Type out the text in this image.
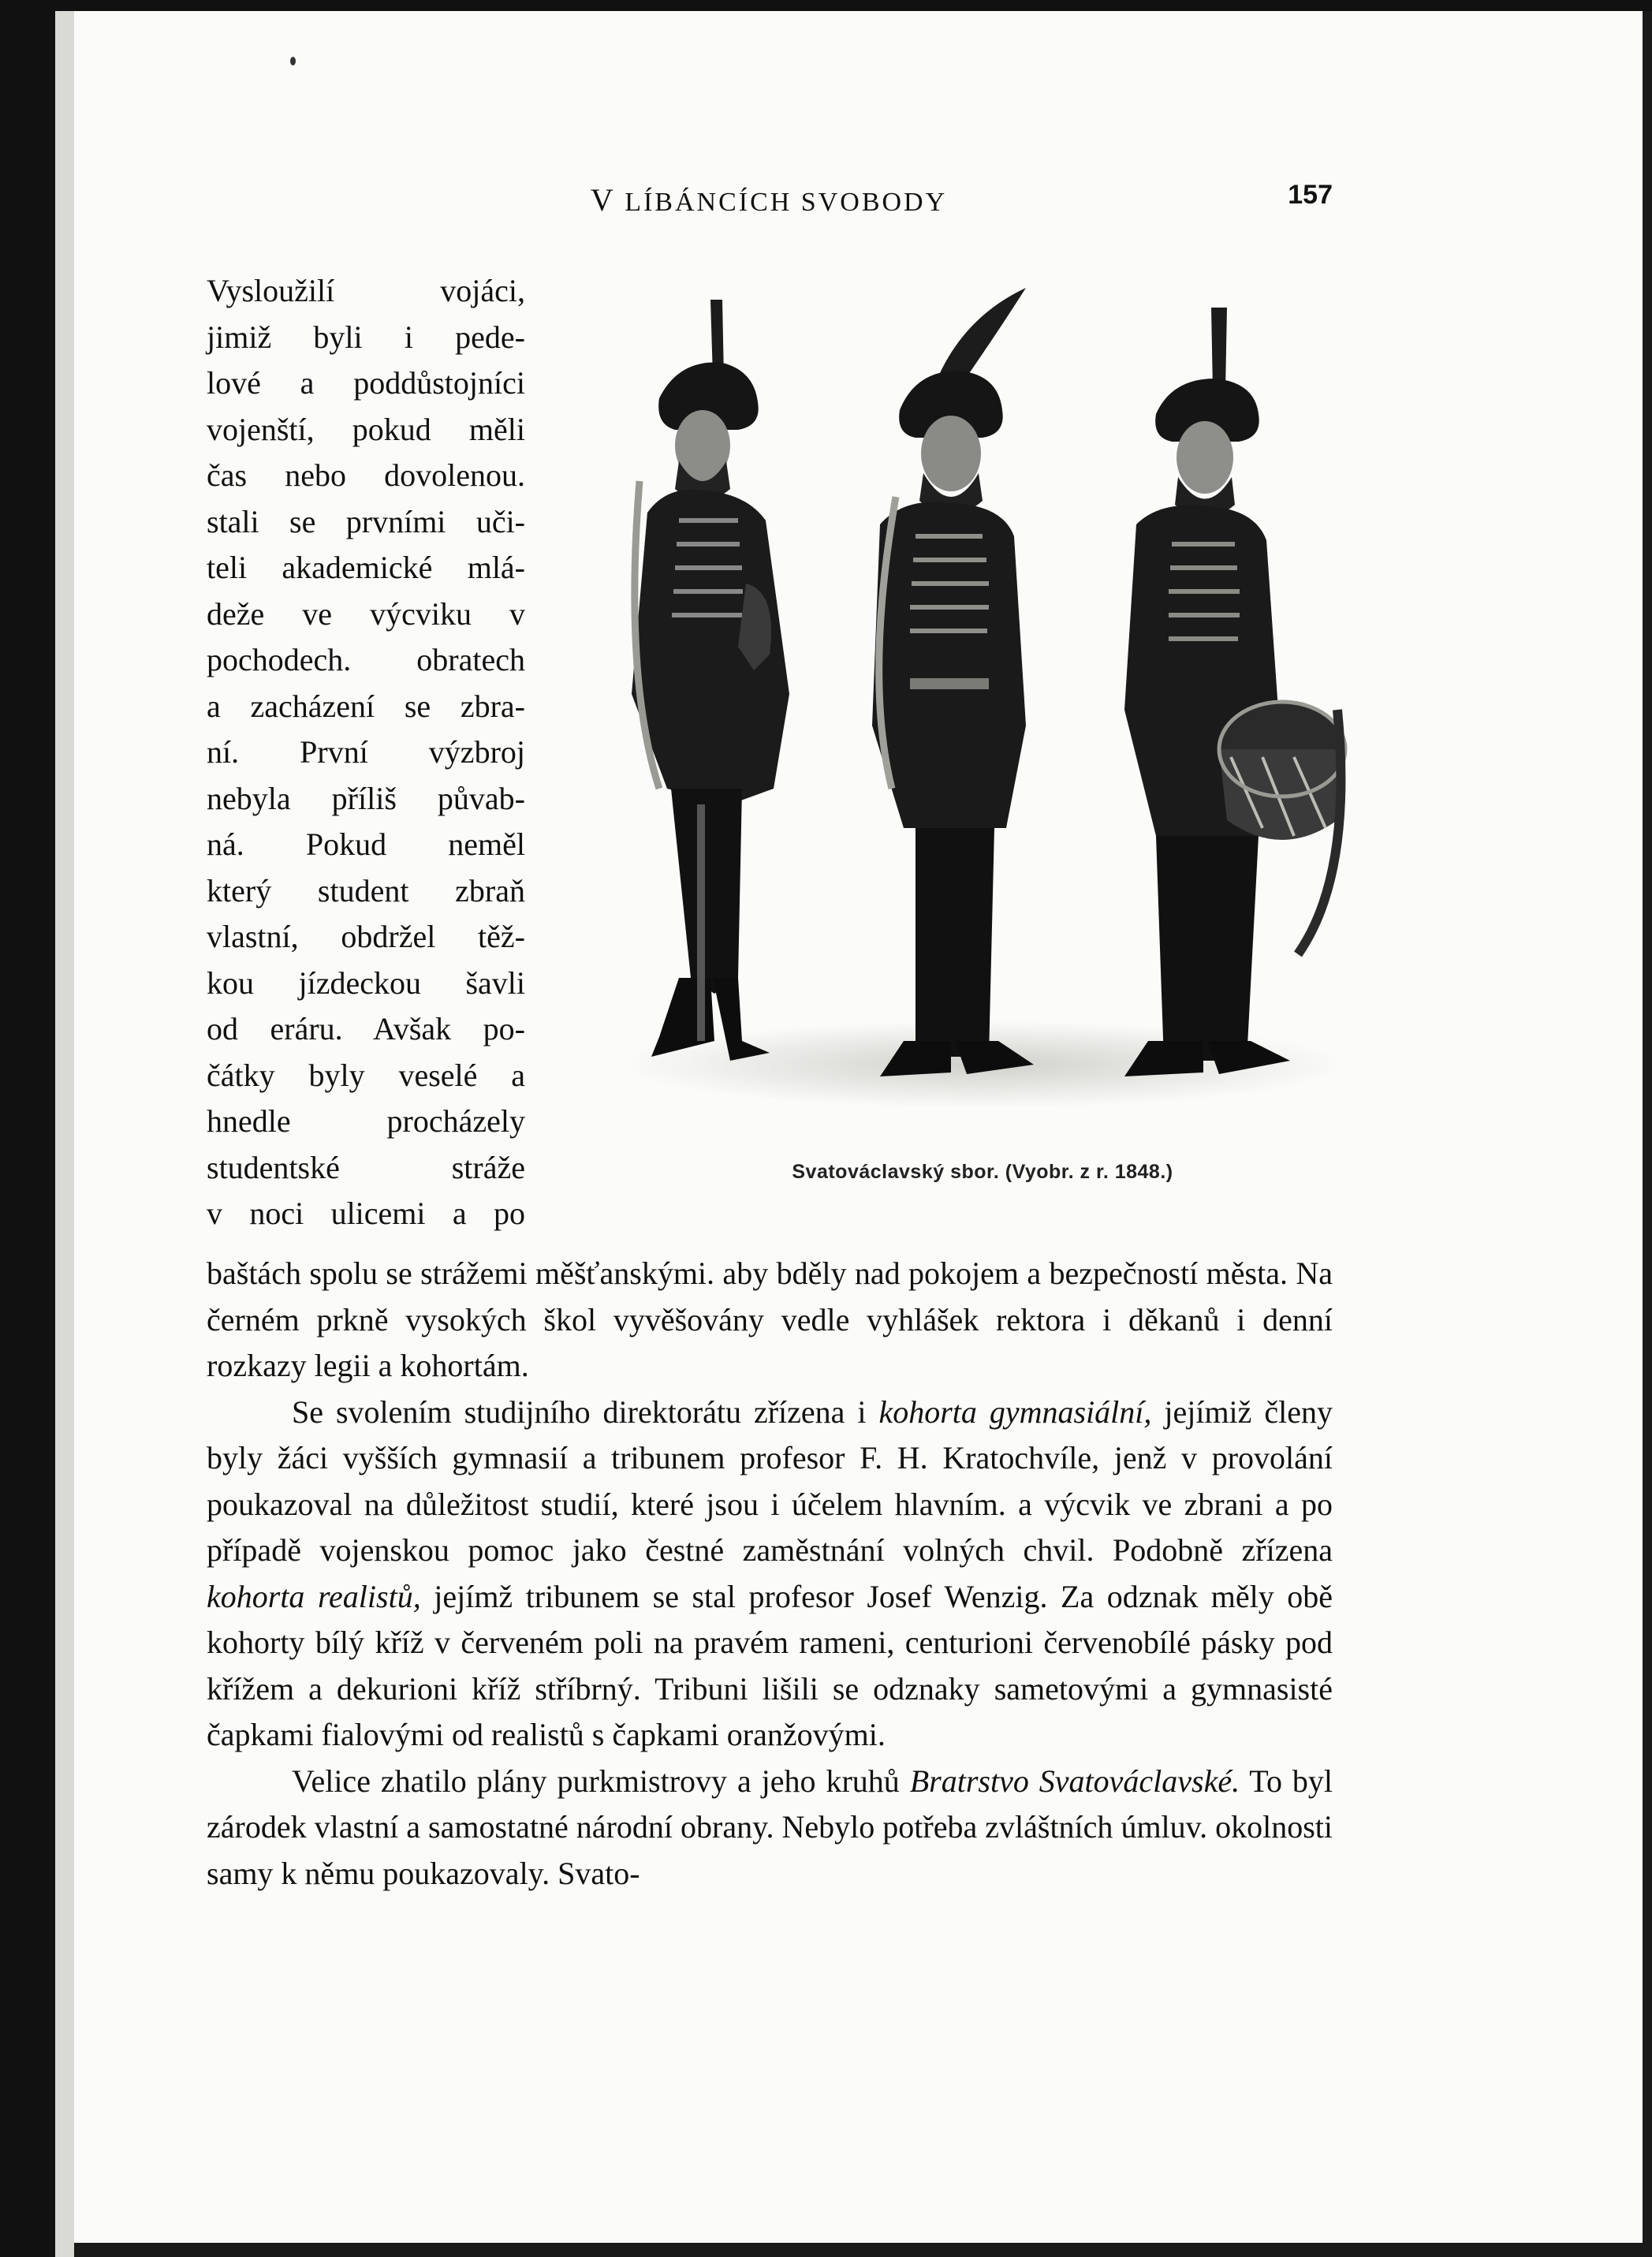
V LÍBÁNCÍCH SVOBODY	157
Vysloužilí vojáci,
jimiž byli i pede-
lové a poddůstojníci
vojenští, pokud měli
čas nebo dovolenou.
stali se prvními uči-
teli akademické mlá-
deže ve výcviku v
pochodech. obratech
a zacházení se zbra-
ní. První výzbroj
nebyla příliš půvab-
ná. Pokud neměl
který student zbraň
vlastní, obdržel těž-
kou jízdeckou šavli
od eráru. Avšak po-
čátky byly veselé a
hnedle procházely
studentské stráže
v noci ulicemi a po
Svatováclavský sbor. (Vyobr. z r. 1848.)

baštách spolu se strážemi měšťanskými. aby bděly nad pokojem a bezpečností města. Na černém prkně vysokých škol vyvěšovány vedle vyhlášek rektora i děkanů i denní rozkazy legii a kohortám.

Se svolením studijního direktorátu zřízena i kohorta gymnasiální, jejímiž členy byly žáci vyšších gymnasií a tribunem profesor F. H. Kratochvíle, jenž v provolání poukazoval na důležitost studií, které jsou i účelem hlavním. a výcvik ve zbrani a po případě vojenskou pomoc jako čestné zaměstnání volných chvil. Podobně zřízena kohorta realistů, jejímž tribunem se stal profesor Josef Wenzig. Za odznak měly obě kohorty bílý kříž v červeném poli na pravém rameni, centurioni červenobílé pásky pod křížem a dekurioni kříž stříbrný. Tribuni lišili se odznaky sametovými a gymnasisté čapkami fialovými od realistů s čapkami oranžovými.

Velice zhatilo plány purkmistrovy a jeho kruhů Bratrstvo Svatováclavské. To byl zárodek vlastní a samostatné národní obrany. Nebylo potřeba zvláštních úmluv. okolnosti samy k němu poukazovaly. Svato-
